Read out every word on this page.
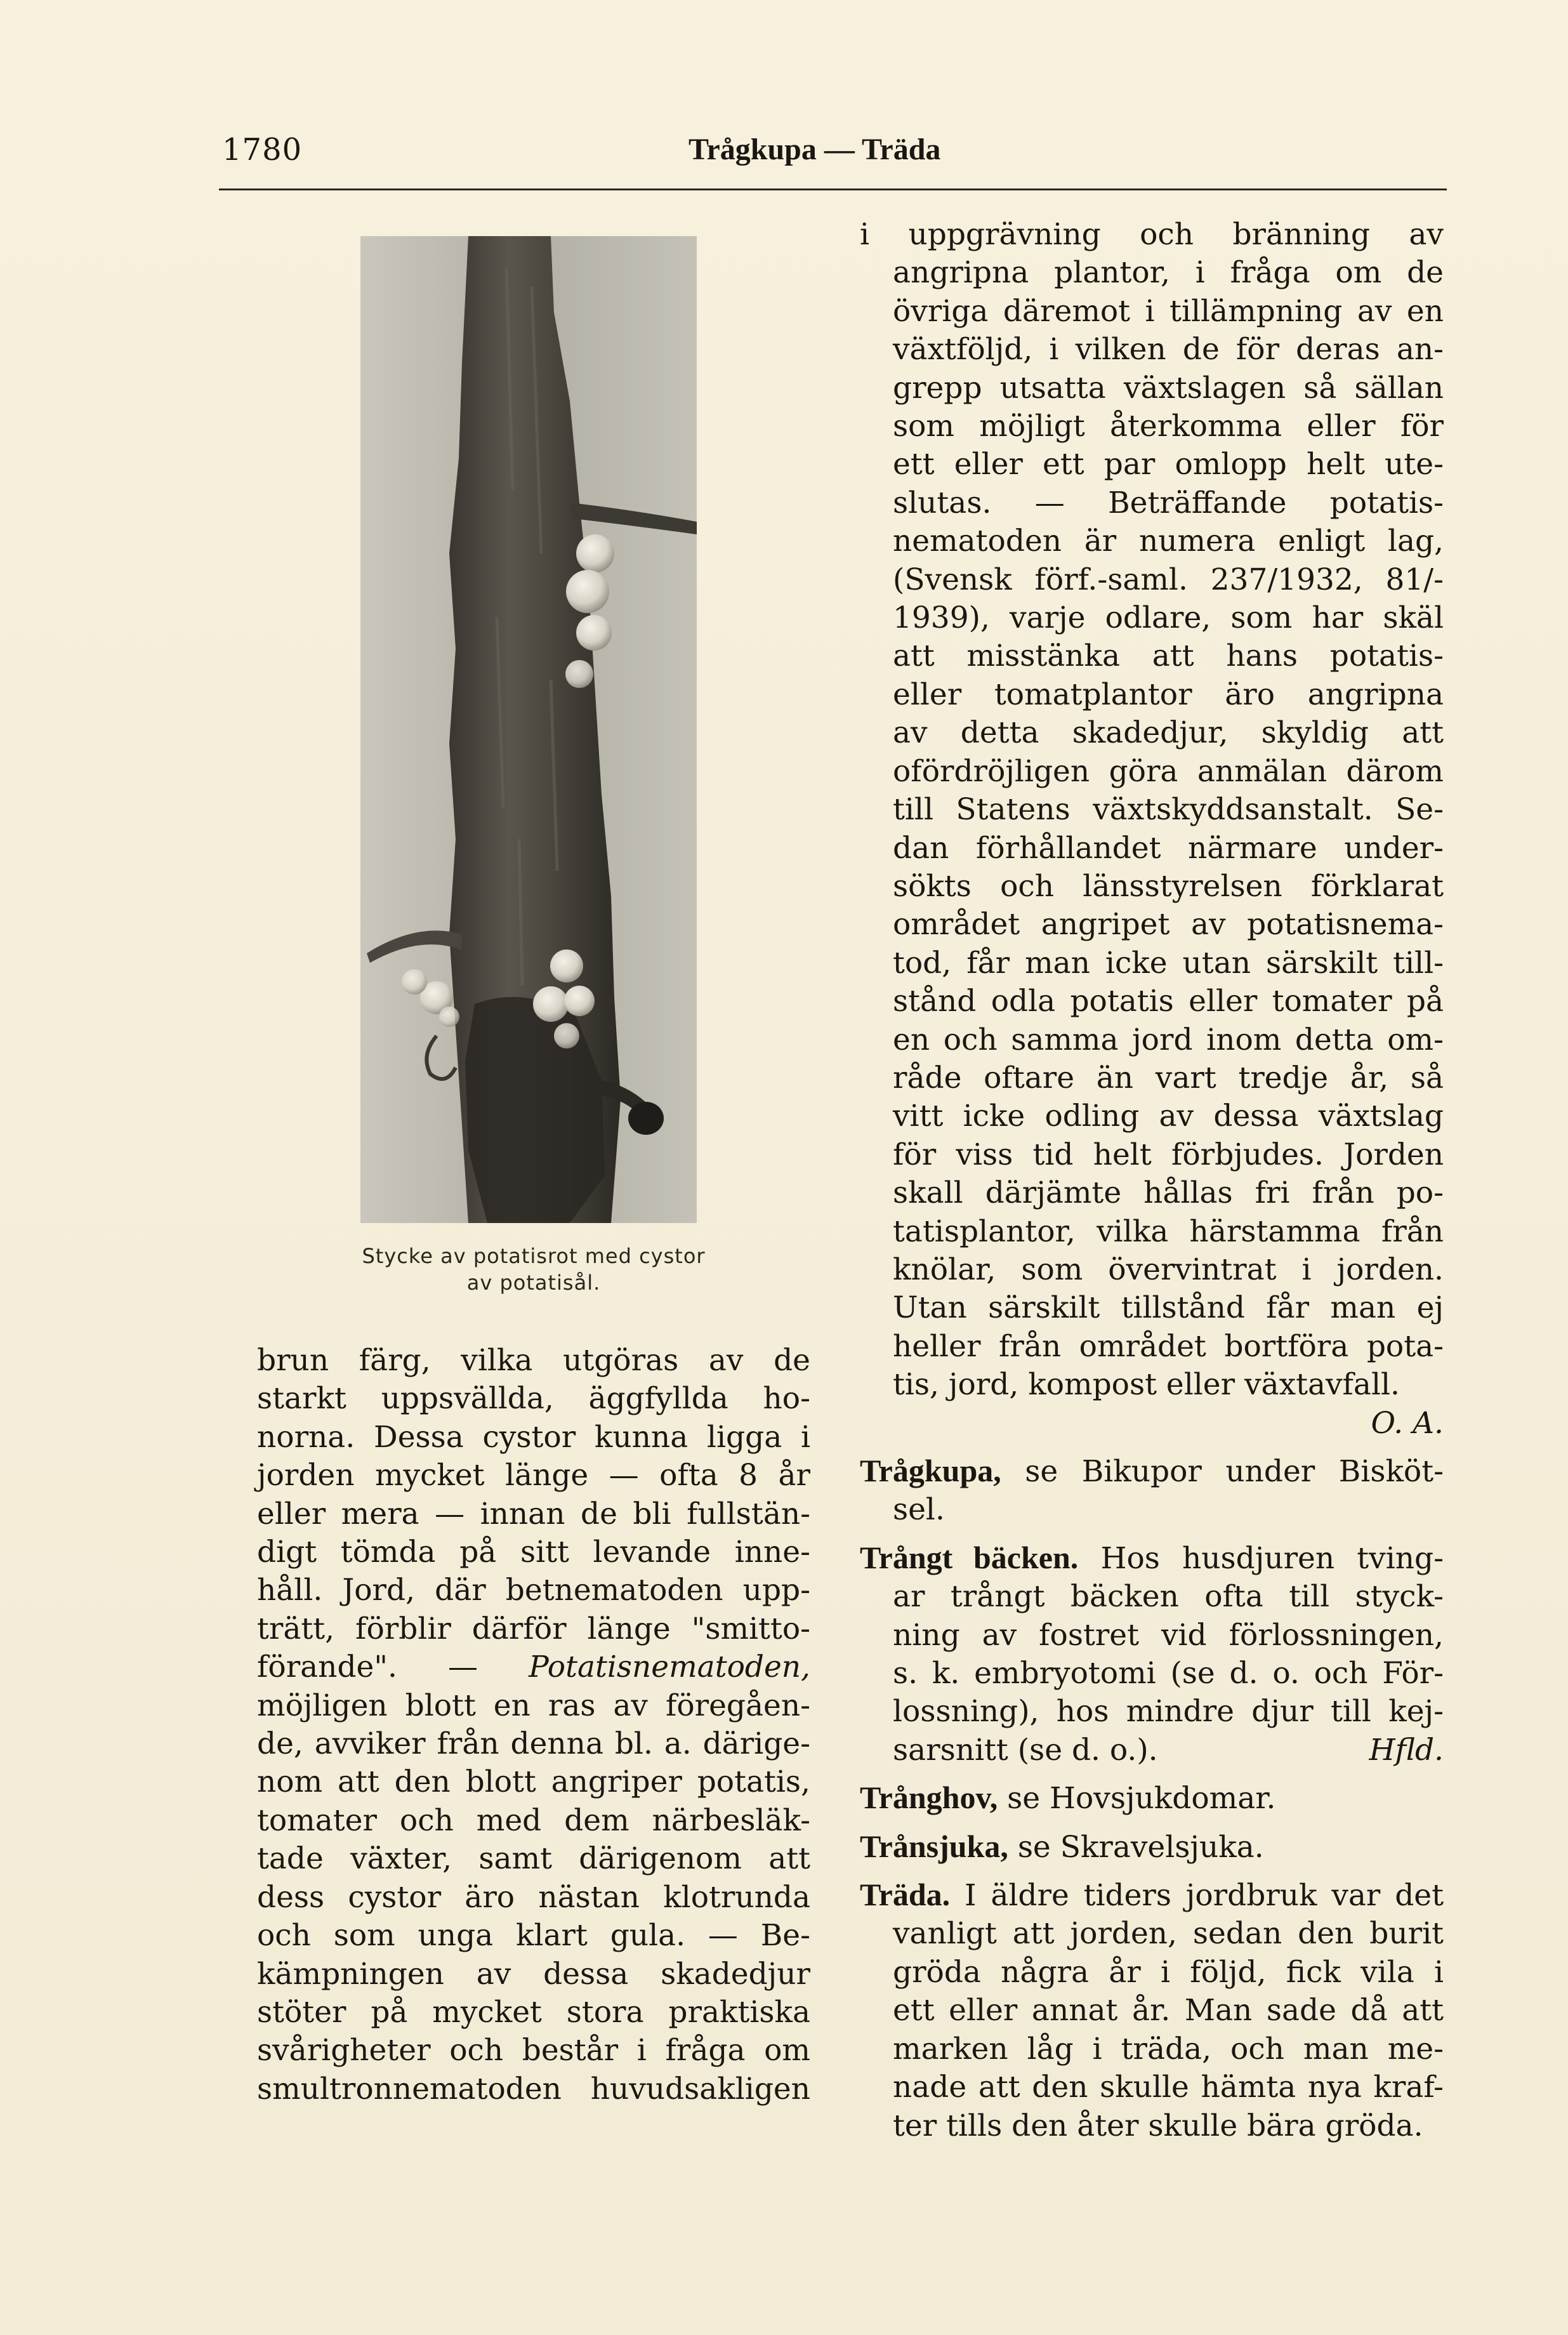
1780	Trågkupa — Träda
Stycke av potatisrot med cystor
av potatisål.
brun färg, vilka utgöras av de
starkt uppsvällda, äggfyllda ho-
norna. Dessa cystor kunna ligga i
jorden mycket länge — ofta 8 år
eller mera — innan de bli fullstän-
digt tömda på sitt levande inne-
håll. Jord, där betnematoden upp-
trätt, förblir därför länge "smitto-
förande". — Potatisnematoden,
möjligen blott en ras av föregåen-
de, avviker från denna bl. a. därige-
nom att den blott angriper potatis,
tomater och med dem närbesläk-
tade växter, samt därigenom att
dess cystor äro nästan klotrunda
och som unga klart gula. — Be-
kämpningen av dessa skadedjur
stöter på mycket stora praktiska
svårigheter och består i fråga om
smultronnematoden huvudsakligen
i uppgrävning och bränning av
angripna plantor, i fråga om de
övriga däremot i tillämpning av en
växtföljd, i vilken de för deras an-
grepp utsatta växtslagen så sällan
som möjligt återkomma eller för
ett eller ett par omlopp helt ute-
slutas. — Beträffande potatis-
nematoden är numera enligt lag,
(Svensk förf.-saml. 237/1932, 81/-
1939), varje odlare, som har skäl
att misstänka att hans potatis-
eller tomatplantor äro angripna
av detta skadedjur, skyldig att
ofördröjligen göra anmälan därom
till Statens växtskyddsanstalt. Se-
dan förhållandet närmare under-
sökts och länsstyrelsen förklarat
området angripet av potatisnema-
tod, får man icke utan särskilt till-
stånd odla potatis eller tomater på
en och samma jord inom detta om-
råde oftare än vart tredje år, så
vitt icke odling av dessa växtslag
för viss tid helt förbjudes. Jorden
skall därjämte hållas fri från po-
tatisplantor, vilka härstamma från
knölar, som övervintrat i jorden.
Utan särskilt tillstånd får man ej
heller från området bortföra pota-
tis, jord, kompost eller växtavfall.
O. A.
Trågkupa, se Bikupor under Bisköt-
sel.
Trångt bäcken. Hos husdjuren tving-
ar trångt bäcken ofta till styck-
ning av fostret vid förlossningen,
s. k. embryotomi (se d. o. och För-
lossning), hos mindre djur till kej-
sarsnitt (se d. o.).	Hfld.
Trånghov, se Hovsjukdomar.
Trånsjuka, se Skravelsjuka.
Träda. I äldre tiders jordbruk var det
vanligt att jorden, sedan den burit
gröda några år i följd, fick vila i
ett eller annat år. Man sade då att
marken låg i träda, och man me-
nade att den skulle hämta nya kraf-
ter tills den åter skulle bära gröda.
